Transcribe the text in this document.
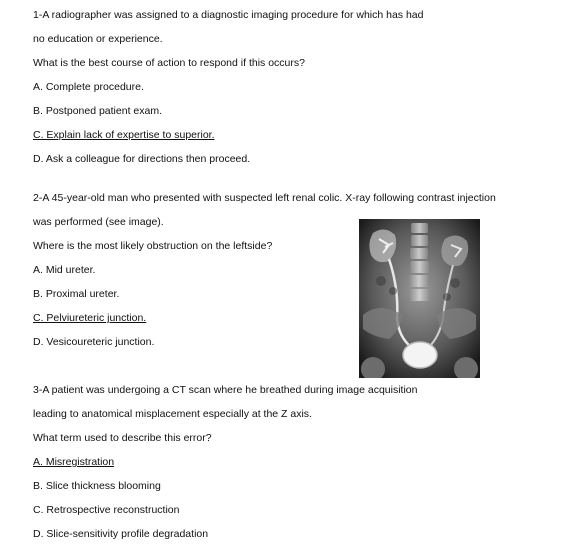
1-A radiographer was assigned to a diagnostic imaging procedure for which has had
no education or experience.
What is the best course of action to respond if this occurs?
A. Complete procedure.
B. Postponed patient exam.
C. Explain lack of expertise to superior.
D. Ask a colleague for directions then proceed.
2-A 45-year-old man who presented with suspected left renal colic. X-ray following contrast injection
was performed (see image).
Where is the most likely obstruction on the leftside?
A. Mid ureter.
B. Proximal ureter.
C. Pelviureteric junction.
D. Vesicoureteric junction.
3-A patient was undergoing a CT scan where he breathed during image acquisition
leading to anatomical misplacement especially at the Z axis.
What term used to describe this error?
A. Misregistration
B. Slice thickness blooming
C. Retrospective reconstruction
D. Slice-sensitivity profile degradation
